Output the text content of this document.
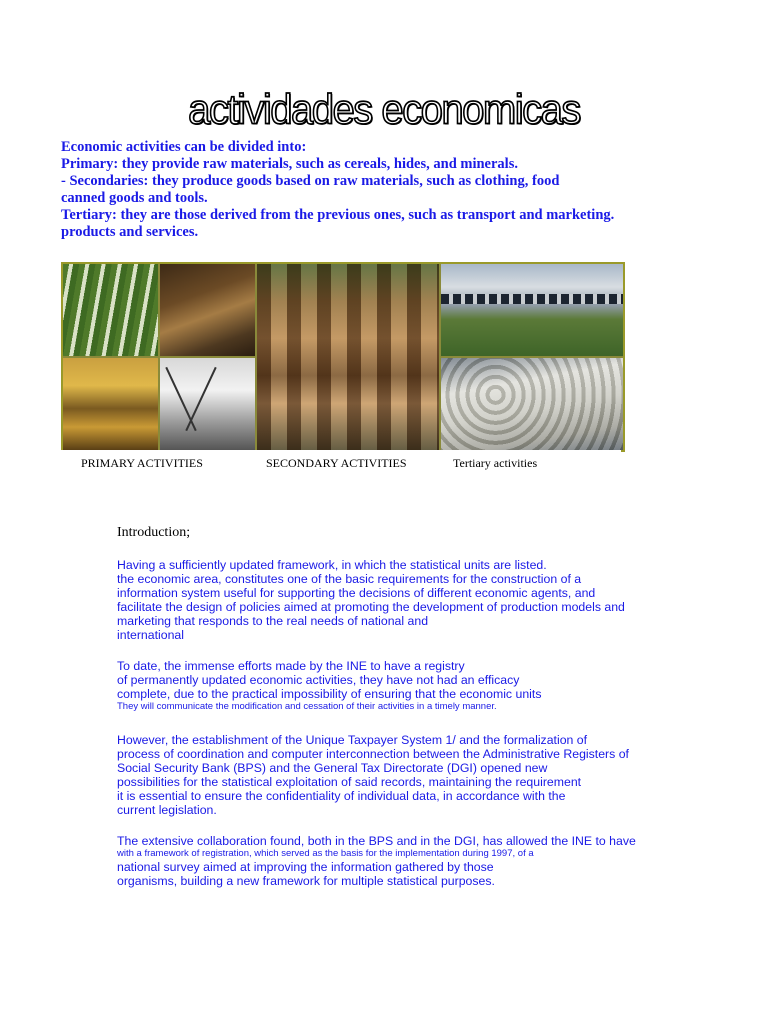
actividades economicas
Economic activities can be divided into:
Primary: they provide raw materials, such as cereals, hides, and minerals.
- Secondaries: they produce goods based on raw materials, such as clothing, food
canned goods and tools.
Tertiary: they are those derived from the previous ones, such as transport and marketing.
products and services.
PRIMARY ACTIVITIES	SECONDARY ACTIVITIES	Tertiary activities
Introduction;
Having a sufficiently updated framework, in which the statistical units are listed.
the economic area, constitutes one of the basic requirements for the construction of a
information system useful for supporting the decisions of different economic agents, and
facilitate the design of policies aimed at promoting the development of production models and
marketing that responds to the real needs of national and
international
To date, the immense efforts made by the INE to have a registry
of permanently updated economic activities, they have not had an efficacy
complete, due to the practical impossibility of ensuring that the economic units
They will communicate the modification and cessation of their activities in a timely manner.
However, the establishment of the Unique Taxpayer System 1/ and the formalization of
process of coordination and computer interconnection between the Administrative Registers of
Social Security Bank (BPS) and the General Tax Directorate (DGI) opened new
possibilities for the statistical exploitation of said records, maintaining the requirement
it is essential to ensure the confidentiality of individual data, in accordance with the
current legislation.
The extensive collaboration found, both in the BPS and in the DGI, has allowed the INE to have
with a framework of registration, which served as the basis for the implementation during 1997, of a
national survey aimed at improving the information gathered by those
organisms, building a new framework for multiple statistical purposes.
